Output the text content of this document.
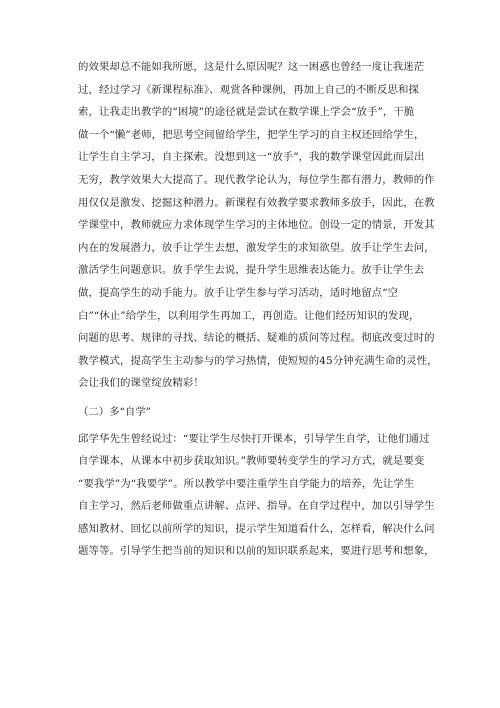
的效果却总不能如我所愿，这是什么原因呢？这一困惑也曾经一度让我迷茫
过，经过学习《新课程标准》、观赏各种课例，再加上自己的不断反思和探
索，让我走出教学的“困境”的途径就是尝试在数学课上学会“放手”，干脆
做一个“懒”老师，把思考空间留给学生，把学生学习的自主权还回给学生，
让学生自主学习，自主探索。没想到这一“放手”，我的数学课堂因此而层出
无穷，教学效果大大提高了。现代教学论认为，每位学生都有潜力，教师的作
用仅仅是激发、挖掘这种潜力。新课程有效教学要求教师多放手，因此，在教
学课堂中，教师就应力求体现学生学习的主体地位。创设一定的情景，开发其
内在的发展潜力，放手让学生去想，激发学生的求知欲望。放手让学生去问，
激活学生问题意识。放手学生去说，提升学生思维表达能力。放手让学生去
做，提高学生的动手能力。放手让学生参与学习活动，适时地留点“空
白”“休止”给学生，以利用学生再加工，再创造。让他们经历知识的发现，
问题的思考、规律的寻找、结论的概括、疑难的质问等过程。彻底改变过时的
教学模式，提高学生主动参与的学习热情，使短短的45分钟充满生命的灵性，
会让我们的课堂绽放精彩！
（二）多“自学”
邱学华先生曾经说过：“要让学生尽快打开课本，引导学生自学，让他们通过
自学课本，从课本中初步获取知识。”教师要转变学生的学习方式，就是要变
“要我学”为“我要学”。所以教学中要注重学生自学能力的培养，先让学生
自主学习，然后老师做重点讲解、点评、指导。在自学过程中，加以引导学生
感知教材、回忆以前所学的知识，提示学生知道看什么，怎样看，解决什么问
题等等。引导学生把当前的知识和以前的知识联系起来，要进行思考和想象，
